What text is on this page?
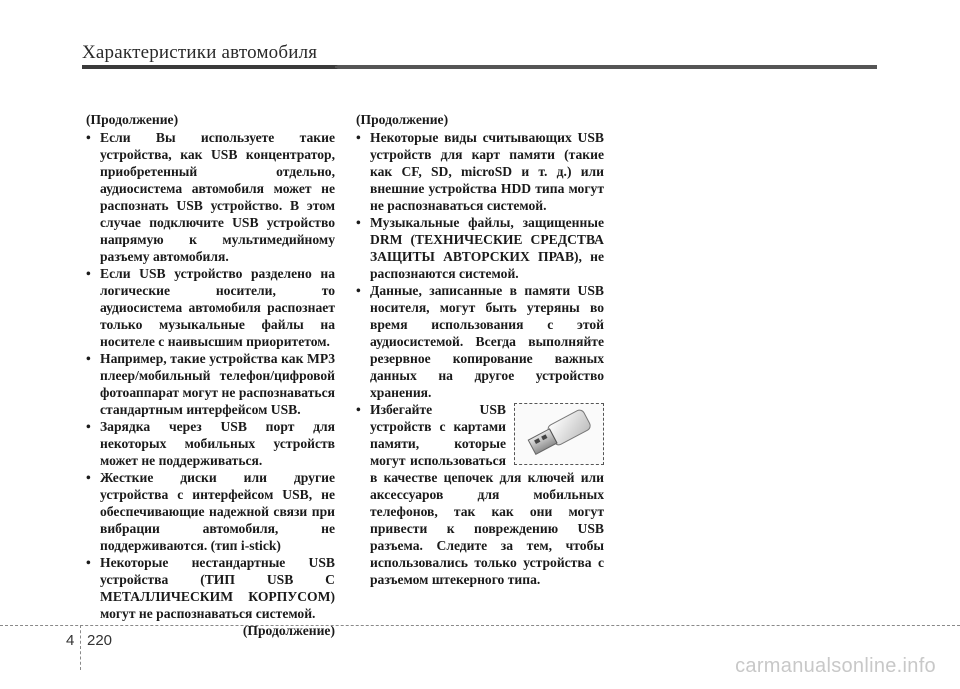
Характеристики автомобиля
(Продолжение)
• Если Вы используете такие устройства, как USB концентратор, приобретенный отдельно, аудиосистема автомобиля может не распознать USB устройство. В этом случае подключите USB устройство напрямую к мультимедийному разъему автомобиля.
• Если USB устройство разделено на логические носители, то аудиосистема автомобиля распознает только музыкальные файлы на носителе с наивысшим приоритетом.
• Например, такие устройства как MP3 плеер/мобильный телефон/цифровой фотоаппарат могут не распознаваться стандартным интерфейсом USB.
• Зарядка через USB порт для некоторых мобильных устройств может не поддерживаться.
• Жесткие диски или другие устройства с интерфейсом USB, не обеспечивающие надежной связи при вибрации автомобиля, не поддерживаются. (тип i-stick)
• Некоторые нестандартные USB устройства (ТИП USB С МЕТАЛЛИЧЕСКИМ КОРПУСОМ) могут не распознаваться системой.
(Продолжение)
(Продолжение)
• Некоторые виды считывающих USB устройств для карт памяти (такие как CF, SD, microSD и т. д.) или внешние устройства HDD типа могут не распознаваться системой.
• Музыкальные файлы, защищенные DRM (ТЕХНИЧЕСКИЕ СРЕДСТВА ЗАЩИТЫ АВТОРСКИХ ПРАВ), не распознаются системой.
• Данные, записанные в памяти USB носителя, могут быть утеряны во время использования с этой аудиосистемой. Всегда выполняйте резервное копирование важных данных на другое устройство хранения.
• Избегайте USB устройств с картами памяти, которые могут использоваться в качестве цепочек для ключей или аксессуаров для мобильных телефонов, так как они могут привести к повреждению USB разъема. Следите за тем, чтобы использовались только устройства с разъемом штекерного типа.
4 220
carmanualsonline.info
